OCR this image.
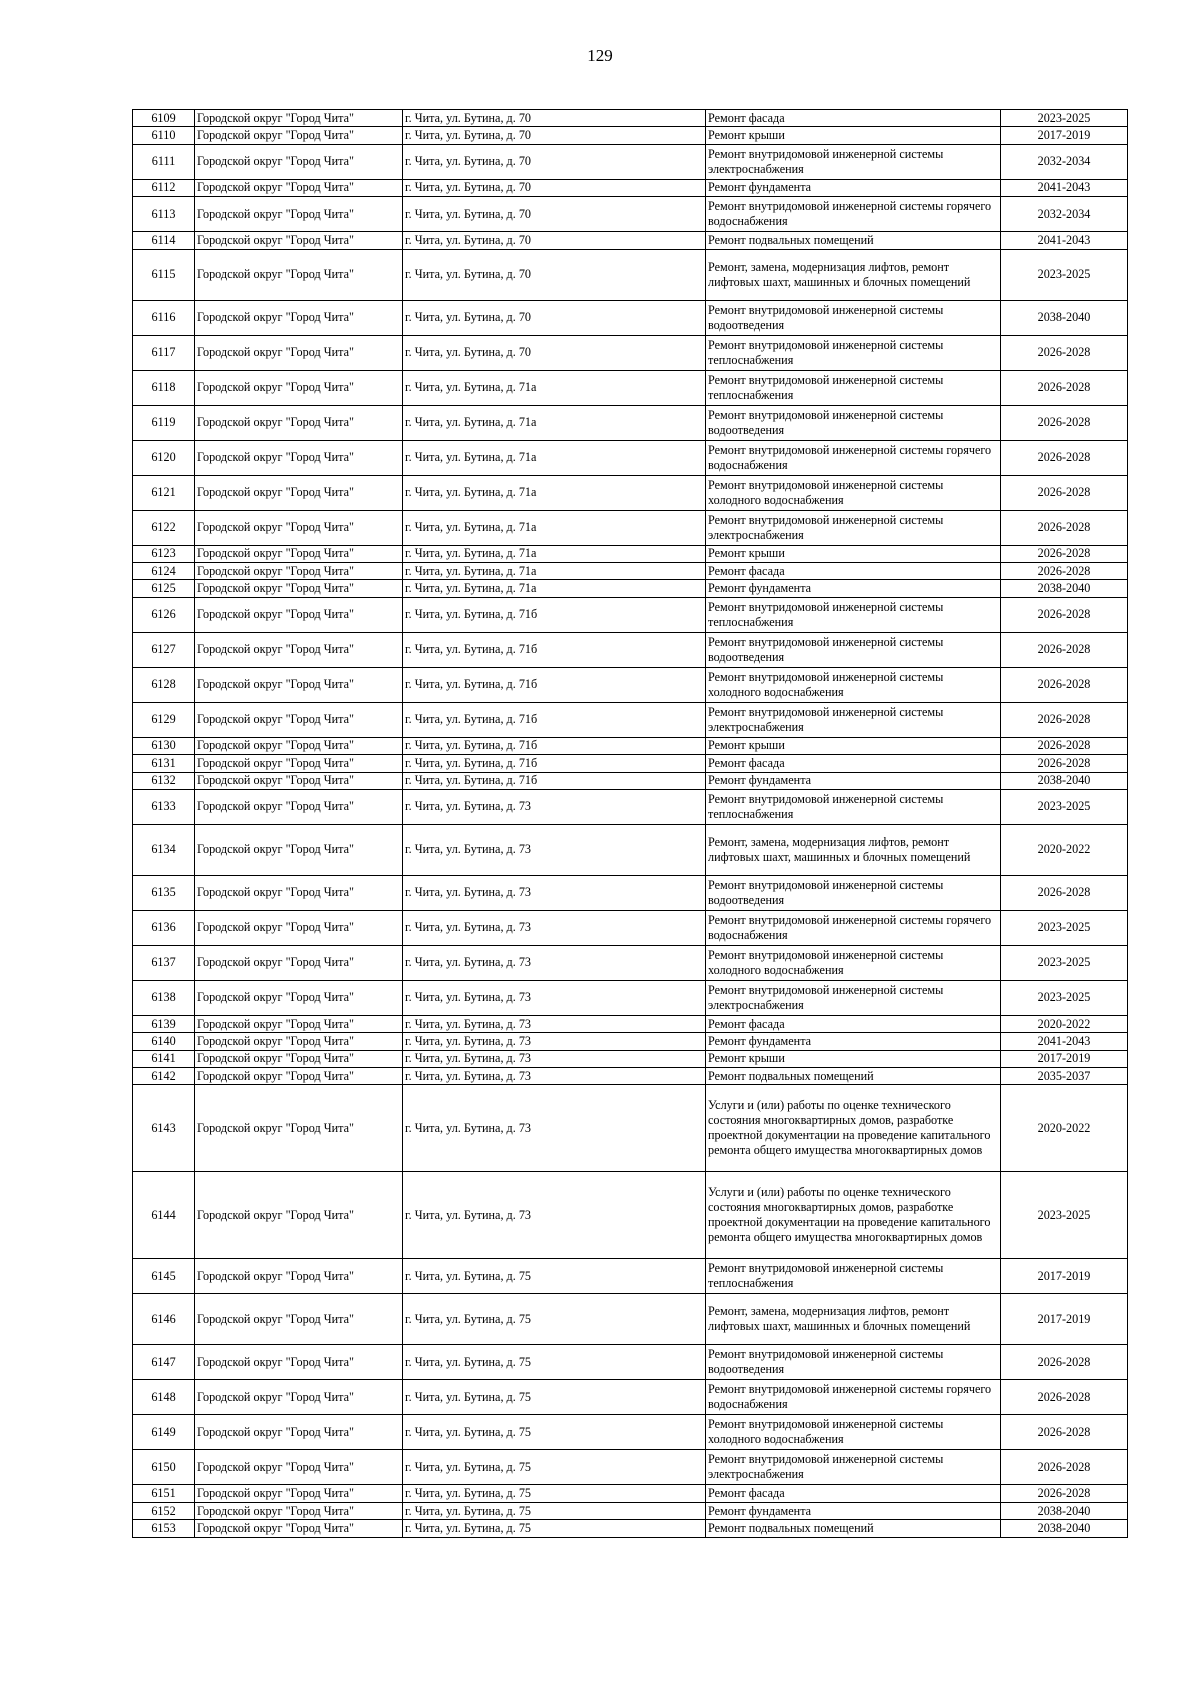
129
6109	Городской округ "Город Чита"	г. Чита, ул. Бутина, д. 70	Ремонт фасада	2023-2025
6110	Городской округ "Город Чита"	г. Чита, ул. Бутина, д. 70	Ремонт крыши	2017-2019
6111	Городской округ "Город Чита"	г. Чита, ул. Бутина, д. 70	Ремонт внутридомовой инженерной системы электроснабжения	2032-2034
6112	Городской округ "Город Чита"	г. Чита, ул. Бутина, д. 70	Ремонт фундамента	2041-2043
6113	Городской округ "Город Чита"	г. Чита, ул. Бутина, д. 70	Ремонт внутридомовой инженерной системы горячего водоснабжения	2032-2034
6114	Городской округ "Город Чита"	г. Чита, ул. Бутина, д. 70	Ремонт подвальных помещений	2041-2043
6115	Городской округ "Город Чита"	г. Чита, ул. Бутина, д. 70	Ремонт, замена, модернизация лифтов, ремонт лифтовых шахт, машинных и блочных помещений	2023-2025
6116	Городской округ "Город Чита"	г. Чита, ул. Бутина, д. 70	Ремонт внутридомовой инженерной системы водоотведения	2038-2040
6117	Городской округ "Город Чита"	г. Чита, ул. Бутина, д. 70	Ремонт внутридомовой инженерной системы теплоснабжения	2026-2028
6118	Городской округ "Город Чита"	г. Чита, ул. Бутина, д. 71а	Ремонт внутридомовой инженерной системы теплоснабжения	2026-2028
6119	Городской округ "Город Чита"	г. Чита, ул. Бутина, д. 71а	Ремонт внутридомовой инженерной системы водоотведения	2026-2028
6120	Городской округ "Город Чита"	г. Чита, ул. Бутина, д. 71а	Ремонт внутридомовой инженерной системы горячего водоснабжения	2026-2028
6121	Городской округ "Город Чита"	г. Чита, ул. Бутина, д. 71а	Ремонт внутридомовой инженерной системы холодного водоснабжения	2026-2028
6122	Городской округ "Город Чита"	г. Чита, ул. Бутина, д. 71а	Ремонт внутридомовой инженерной системы электроснабжения	2026-2028
6123	Городской округ "Город Чита"	г. Чита, ул. Бутина, д. 71а	Ремонт крыши	2026-2028
6124	Городской округ "Город Чита"	г. Чита, ул. Бутина, д. 71а	Ремонт фасада	2026-2028
6125	Городской округ "Город Чита"	г. Чита, ул. Бутина, д. 71а	Ремонт фундамента	2038-2040
6126	Городской округ "Город Чита"	г. Чита, ул. Бутина, д. 71б	Ремонт внутридомовой инженерной системы теплоснабжения	2026-2028
6127	Городской округ "Город Чита"	г. Чита, ул. Бутина, д. 71б	Ремонт внутридомовой инженерной системы водоотведения	2026-2028
6128	Городской округ "Город Чита"	г. Чита, ул. Бутина, д. 71б	Ремонт внутридомовой инженерной системы холодного водоснабжения	2026-2028
6129	Городской округ "Город Чита"	г. Чита, ул. Бутина, д. 71б	Ремонт внутридомовой инженерной системы электроснабжения	2026-2028
6130	Городской округ "Город Чита"	г. Чита, ул. Бутина, д. 71б	Ремонт крыши	2026-2028
6131	Городской округ "Город Чита"	г. Чита, ул. Бутина, д. 71б	Ремонт фасада	2026-2028
6132	Городской округ "Город Чита"	г. Чита, ул. Бутина, д. 71б	Ремонт фундамента	2038-2040
6133	Городской округ "Город Чита"	г. Чита, ул. Бутина, д. 73	Ремонт внутридомовой инженерной системы теплоснабжения	2023-2025
6134	Городской округ "Город Чита"	г. Чита, ул. Бутина, д. 73	Ремонт, замена, модернизация лифтов, ремонт лифтовых шахт, машинных и блочных помещений	2020-2022
6135	Городской округ "Город Чита"	г. Чита, ул. Бутина, д. 73	Ремонт внутридомовой инженерной системы водоотведения	2026-2028
6136	Городской округ "Город Чита"	г. Чита, ул. Бутина, д. 73	Ремонт внутридомовой инженерной системы горячего водоснабжения	2023-2025
6137	Городской округ "Город Чита"	г. Чита, ул. Бутина, д. 73	Ремонт внутридомовой инженерной системы холодного водоснабжения	2023-2025
6138	Городской округ "Город Чита"	г. Чита, ул. Бутина, д. 73	Ремонт внутридомовой инженерной системы электроснабжения	2023-2025
6139	Городской округ "Город Чита"	г. Чита, ул. Бутина, д. 73	Ремонт фасада	2020-2022
6140	Городской округ "Город Чита"	г. Чита, ул. Бутина, д. 73	Ремонт фундамента	2041-2043
6141	Городской округ "Город Чита"	г. Чита, ул. Бутина, д. 73	Ремонт крыши	2017-2019
6142	Городской округ "Город Чита"	г. Чита, ул. Бутина, д. 73	Ремонт подвальных помещений	2035-2037
6143	Городской округ "Город Чита"	г. Чита, ул. Бутина, д. 73	Услуги и (или) работы по оценке технического состояния многоквартирных домов, разработке проектной документации на проведение капитального ремонта общего имущества многоквартирных домов	2020-2022
6144	Городской округ "Город Чита"	г. Чита, ул. Бутина, д. 73	Услуги и (или) работы по оценке технического состояния многоквартирных домов, разработке проектной документации на проведение капитального ремонта общего имущества многоквартирных домов	2023-2025
6145	Городской округ "Город Чита"	г. Чита, ул. Бутина, д. 75	Ремонт внутридомовой инженерной системы теплоснабжения	2017-2019
6146	Городской округ "Город Чита"	г. Чита, ул. Бутина, д. 75	Ремонт, замена, модернизация лифтов, ремонт лифтовых шахт, машинных и блочных помещений	2017-2019
6147	Городской округ "Город Чита"	г. Чита, ул. Бутина, д. 75	Ремонт внутридомовой инженерной системы водоотведения	2026-2028
6148	Городской округ "Город Чита"	г. Чита, ул. Бутина, д. 75	Ремонт внутридомовой инженерной системы горячего водоснабжения	2026-2028
6149	Городской округ "Город Чита"	г. Чита, ул. Бутина, д. 75	Ремонт внутридомовой инженерной системы холодного водоснабжения	2026-2028
6150	Городской округ "Город Чита"	г. Чита, ул. Бутина, д. 75	Ремонт внутридомовой инженерной системы электроснабжения	2026-2028
6151	Городской округ "Город Чита"	г. Чита, ул. Бутина, д. 75	Ремонт фасада	2026-2028
6152	Городской округ "Город Чита"	г. Чита, ул. Бутина, д. 75	Ремонт фундамента	2038-2040
6153	Городской округ "Город Чита"	г. Чита, ул. Бутина, д. 75	Ремонт подвальных помещений	2038-2040
